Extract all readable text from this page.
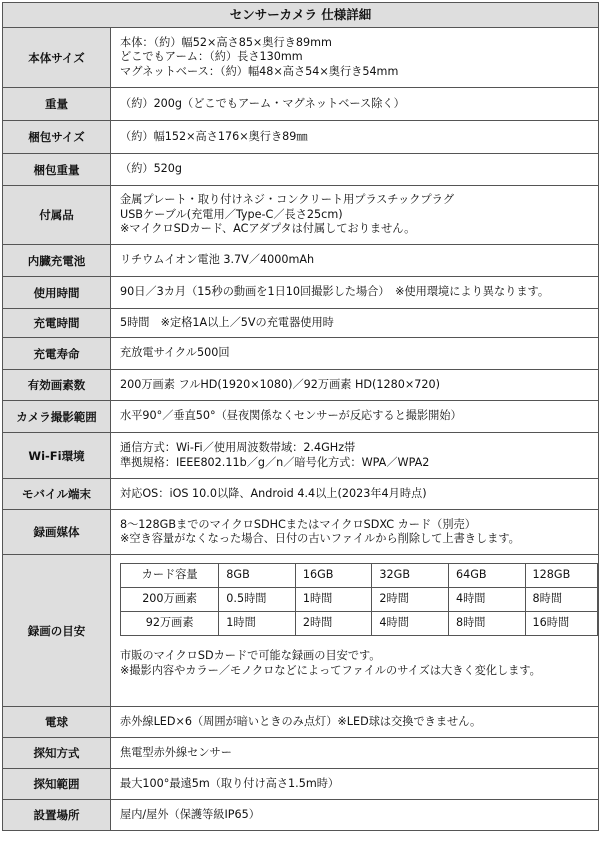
センサーカメラ 仕様詳細
本体サイズ
本体：（約）幅52×高さ85×奥行き89mm
どこでもアーム：（約）長さ130mm
マグネットベース：（約）幅48×高さ54×奥行き54mm
重量	（約）200g（どこでもアーム・マグネットベース除く）
梱包サイズ	（約）幅152×高さ176×奥行き89㎜
梱包重量	（約）520g
付属品
金属プレート・取り付けネジ・コンクリート用プラスチックプラグ
USBケーブル(充電用／Type-C／長さ25cm)
※マイクロSDカード、ACアダプタは付属しておりません。
内臓充電池	リチウムイオン電池 3.7V／4000mAh
使用時間	90日／3カ月（15秒の動画を1日10回撮影した場合）　※使用環境により異なります。
充電時間	5時間　※定格1A以上／5Vの充電器使用時
充電寿命	充放電サイクル500回
有効画素数	200万画素 フルHD(1920×1080)／92万画素 HD(1280×720)
カメラ撮影範囲	水平90°／垂直50°（昼夜関係なくセンサーが反応すると撮影開始）
Wi-Fi環境
通信方式：Wi-Fi／使用周波数帯域：2.4GHz帯
準拠規格：IEEE802.11b／g／n／暗号化方式：WPA／WPA2
モバイル端末	対応OS：iOS 10.0以降、Android 4.4以上(2023年4月時点)
録画媒体
8～128GBまでのマイクロSDHCまたはマイクロSDXC カード（別売）
※空き容量がなくなった場合、日付の古いファイルから削除して上書きします。
録画の目安
カード容量	8GB	16GB	32GB	64GB	128GB
200万画素	0.5時間	1時間	2時間	4時間	8時間
92万画素	1時間	2時間	4時間	8時間	16時間
市販のマイクロSDカードで可能な録画の目安です。
※撮影内容やカラー／モノクロなどによってファイルのサイズは大きく変化します。
電球	赤外線LED×6（周囲が暗いときのみ点灯）※LED球は交換できません。
探知方式	焦電型赤外線センサー
探知範囲	最大100°最遠5m（取り付け高さ1.5m時）
設置場所	屋内/屋外（保護等級IP65）
